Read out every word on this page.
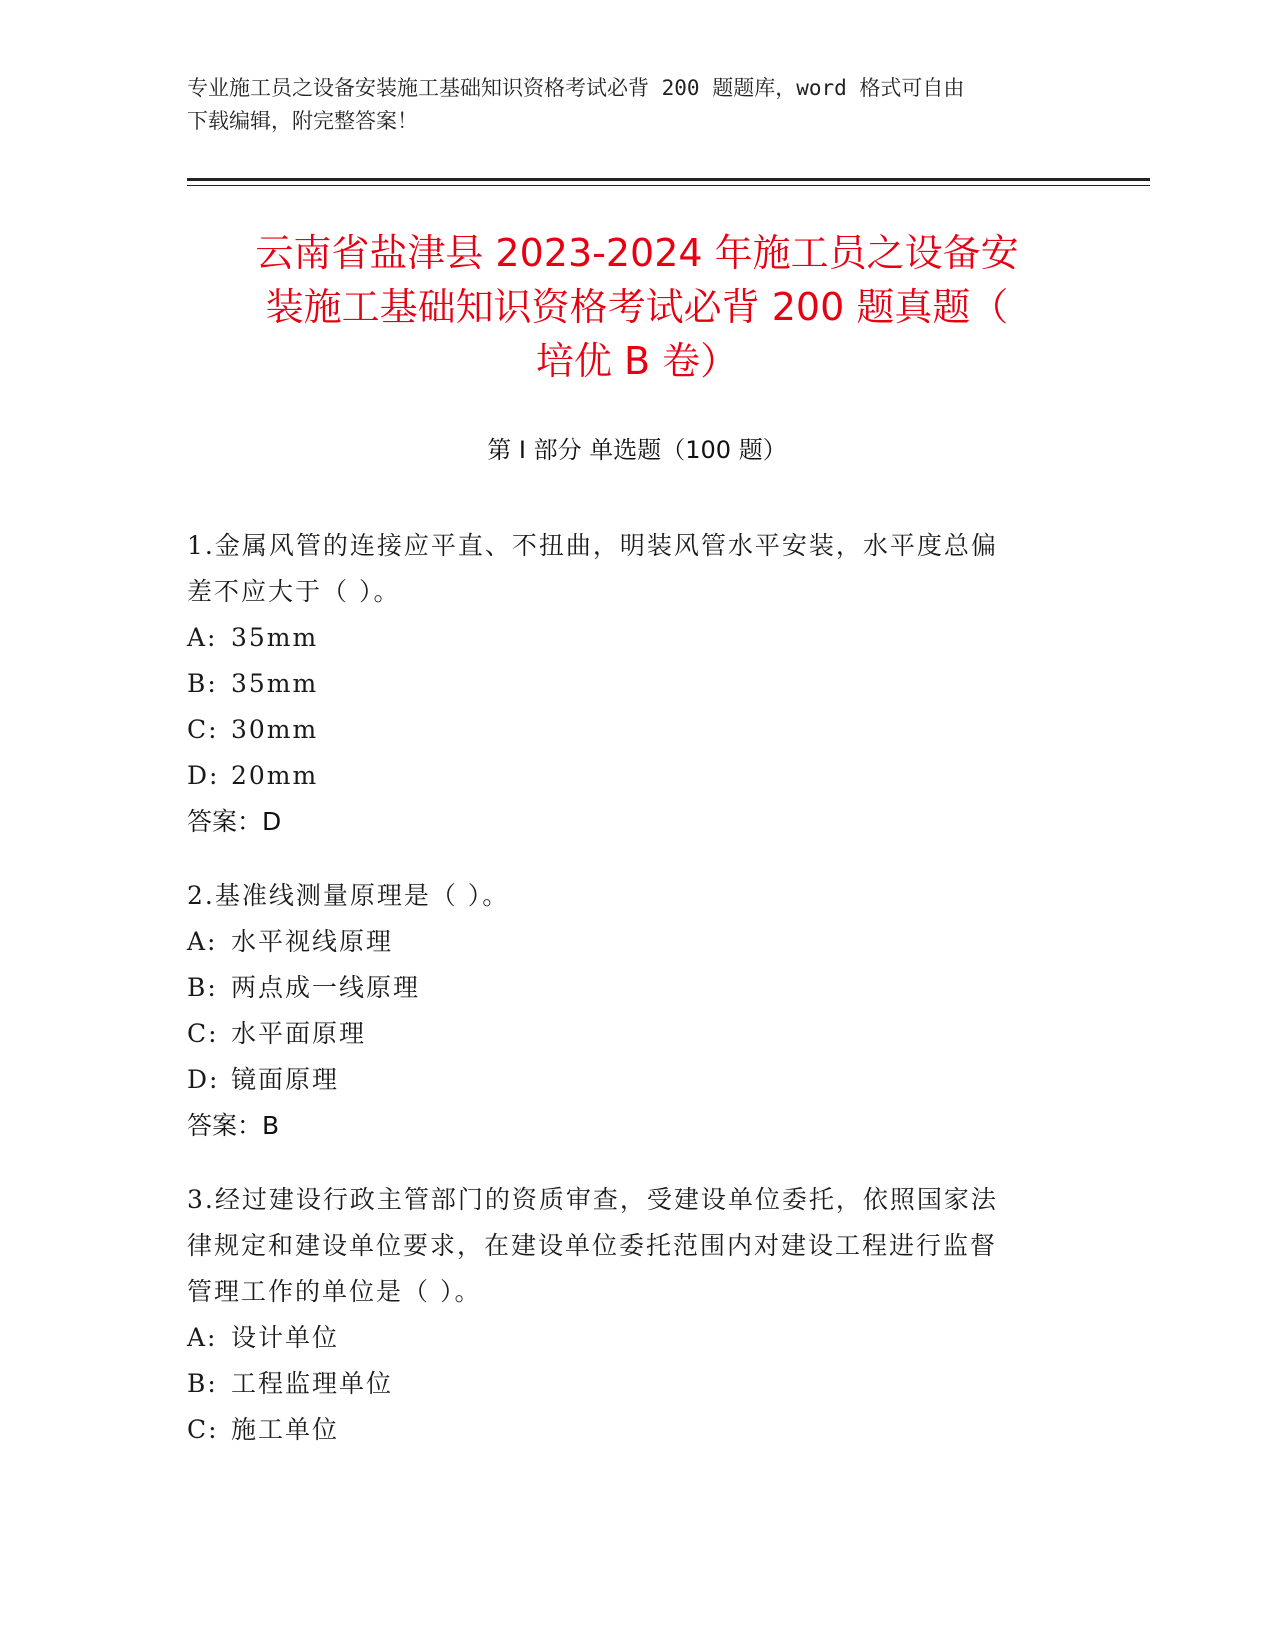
专业施工员之设备安装施工基础知识资格考试必背 200 题题库，word 格式可自由
下载编辑，附完整答案！
云南省盐津县 2023-2024 年施工员之设备安
装施工基础知识资格考试必背 200 题真题（
培优 B 卷）
第 I 部分 单选题（100 题）
1.金属风管的连接应平直、不扭曲，明装风管水平安装，水平度总偏
差不应大于（ ）。
A: 35mm
B: 35mm
C: 30mm
D: 20mm
答案：D
2.基准线测量原理是（ ）。
A: 水平视线原理
B: 两点成一线原理
C: 水平面原理
D: 镜面原理
答案：B
3.经过建设行政主管部门的资质审查，受建设单位委托，依照国家法
律规定和建设单位要求，在建设单位委托范围内对建设工程进行监督
管理工作的单位是（ ）。
A: 设计单位
B: 工程监理单位
C: 施工单位
